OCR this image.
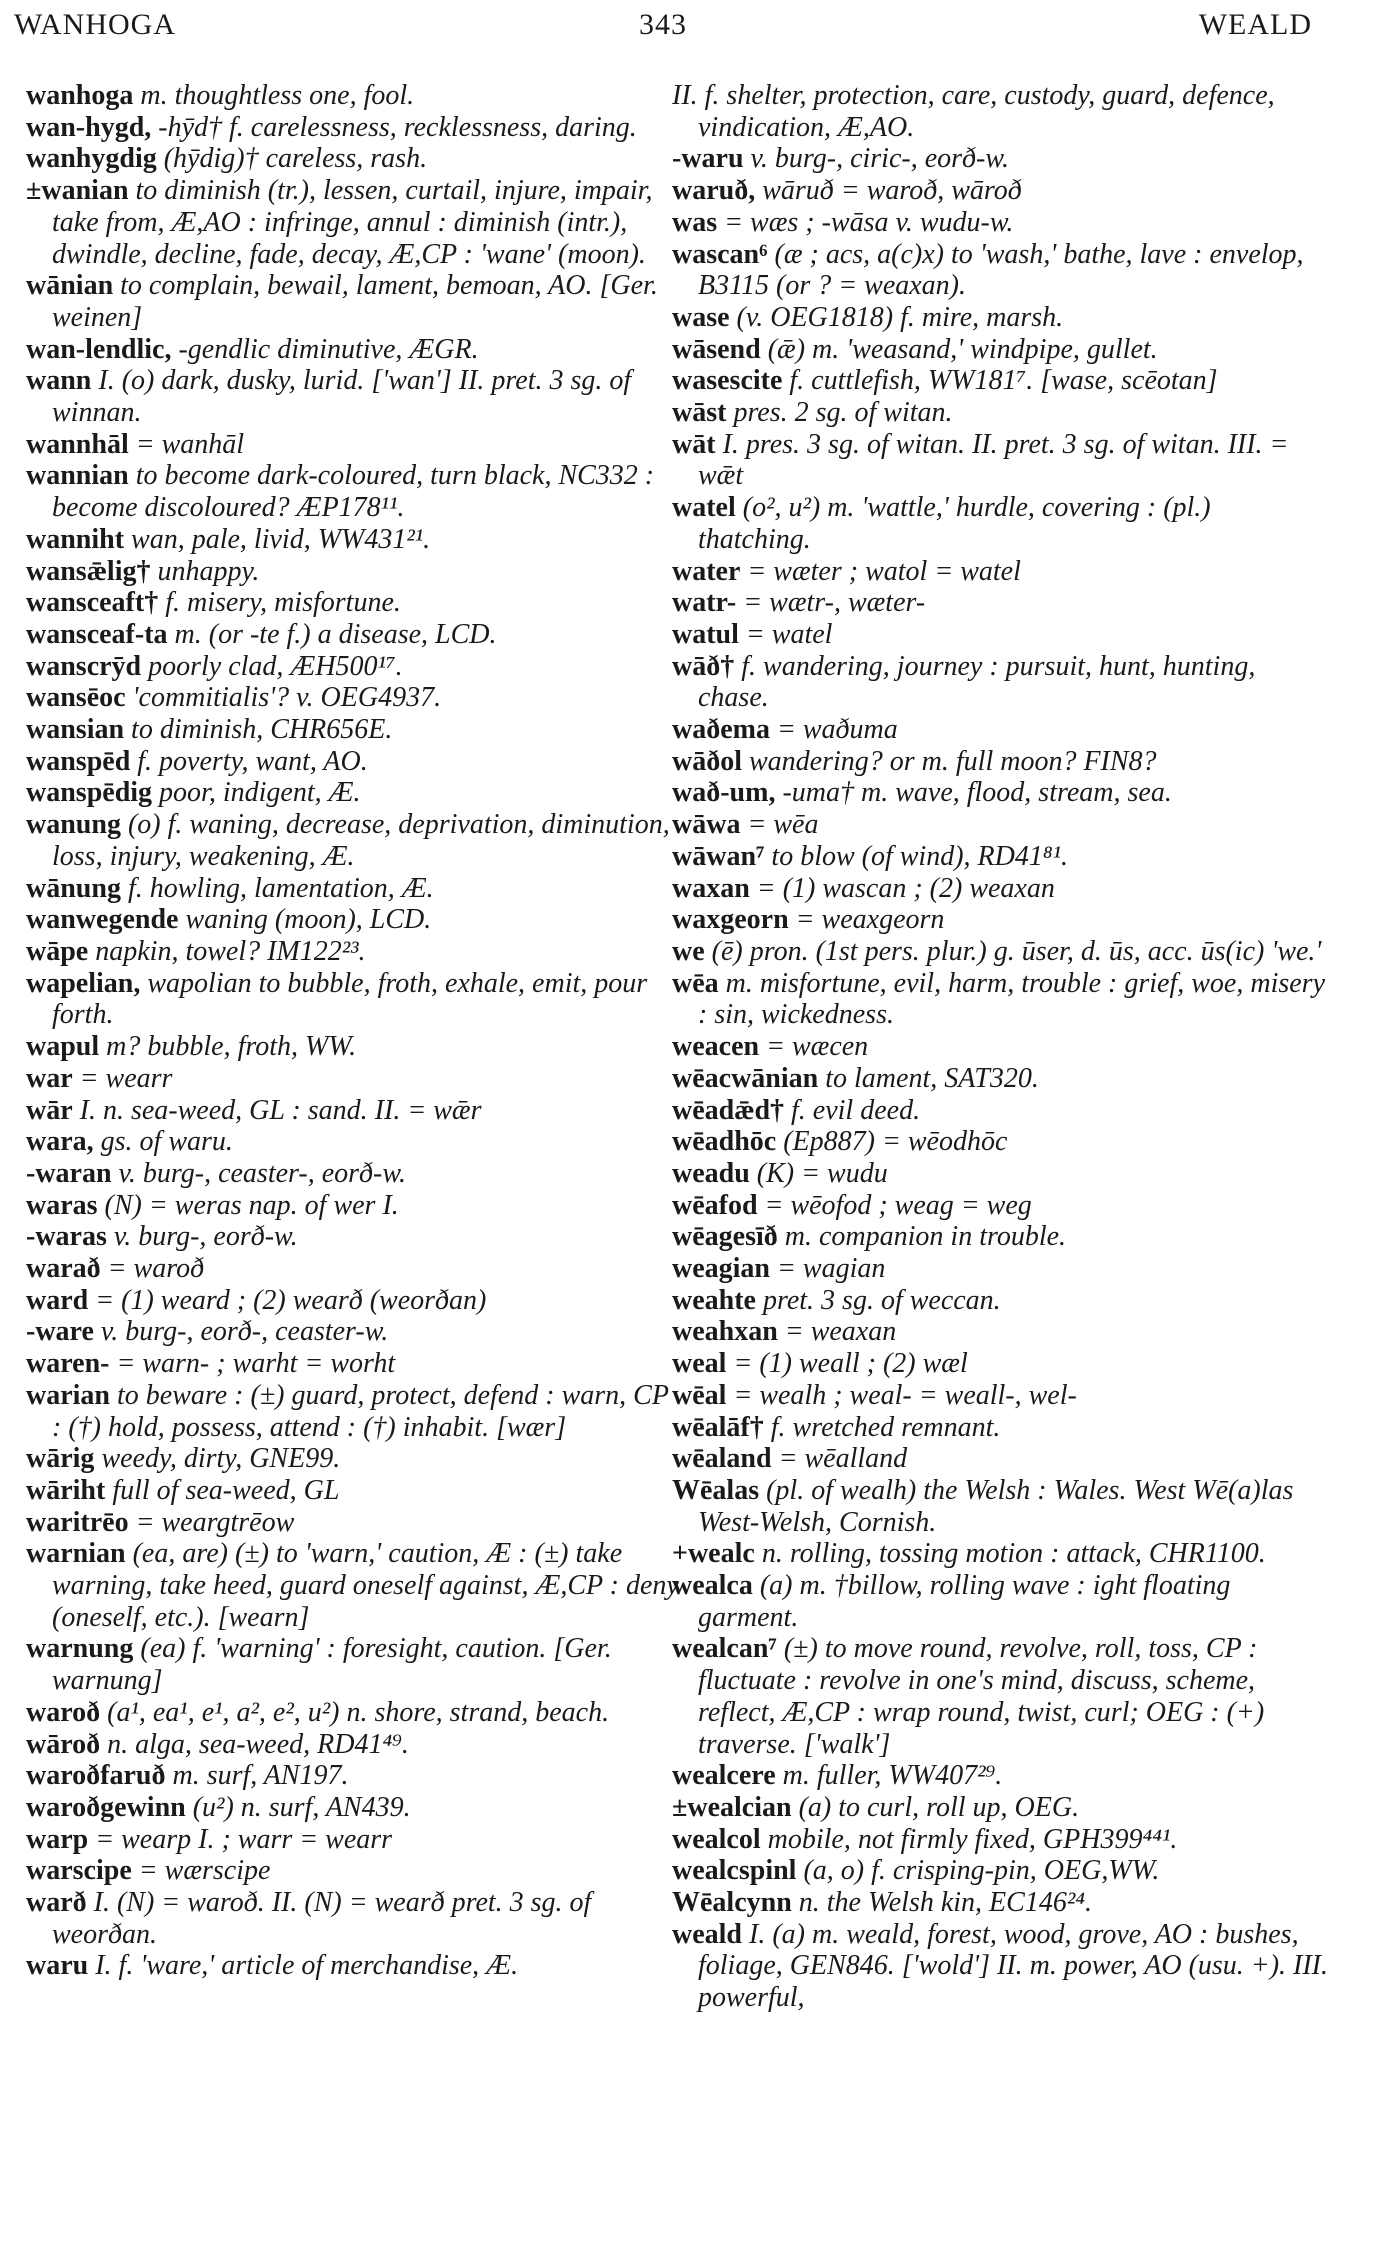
WANHOGA	343	WEALD
wanhoga m. thoughtless one, fool.
wan-hygd, -hȳd† f. carelessness, recklessness, daring.
wanhygdig (hȳdig)† careless, rash.
±wanian to diminish (tr.), lessen, curtail, injure, impair, take from, Æ,AO : infringe, annul : diminish (intr.), dwindle, decline, fade, decay, Æ,CP : 'wane' (moon).
wānian to complain, bewail, lament, bemoan, AO. [Ger. weinen]
wan-lendlic, -gendlic diminutive, ÆGR.
wann I. (o) dark, dusky, lurid. ['wan'] II. pret. 3 sg. of winnan.
wannhāl = wanhāl
wannian to become dark-coloured, turn black, NC332 : become discoloured? ÆP178¹¹.
wanniht wan, pale, livid, WW431²¹.
wansǣlig† unhappy.
wansceaft† f. misery, misfortune.
wansceaf-ta m. (or -te f.) a disease, LCD.
wanscrȳd poorly clad, ÆH500¹⁷.
wansēoc 'commitialis'? v. OEG4937.
wansian to diminish, CHR656E.
wanspēd f. poverty, want, AO.
wanspēdig poor, indigent, Æ.
wanung (o) f. waning, decrease, deprivation, diminution, loss, injury, weakening, Æ.
wānung f. howling, lamentation, Æ.
wanwegende waning (moon), LCD.
wāpe napkin, towel? IM122²³.
wapelian, wapolian to bubble, froth, exhale, emit, pour forth.
wapul m? bubble, froth, WW.
war = wearr
wār I. n. sea-weed, GL : sand. II. = wǣr
wara, gs. of waru.
-waran v. burg-, ceaster-, eorð-w.
waras (N) = weras nap. of wer I.
-waras v. burg-, eorð-w.
warað = waroð
ward = (1) weard ; (2) wearð (weorðan)
-ware v. burg-, eorð-, ceaster-w.
waren- = warn- ; warht = worht
warian to beware : (±) guard, protect, defend : warn, CP : (†) hold, possess, attend : (†) inhabit. [wær]
wārig weedy, dirty, GNE99.
wāriht full of sea-weed, GL
waritrēo = weargtrēow
warnian (ea, are) (±) to 'warn,' caution, Æ : (±) take warning, take heed, guard oneself against, Æ,CP : deny (oneself, etc.). [wearn]
warnung (ea) f. 'warning' : foresight, caution. [Ger. warnung]
waroð (a¹, ea¹, e¹, a², e², u²) n. shore, strand, beach.
wāroð n. alga, sea-weed, RD41⁴⁹.
waroðfaruð m. surf, AN197.
waroðgewinn (u²) n. surf, AN439.
warp = wearp I. ; warr = wearr
warscipe = wærscipe
warð I. (N) = waroð. II. (N) = wearð pret. 3 sg. of weorðan.
waru I. f. 'ware,' article of merchandise, Æ.
II. f. shelter, protection, care, custody, guard, defence, vindication, Æ,AO.
-waru v. burg-, ciric-, eorð-w.
waruð, wāruð = waroð, wāroð
was = wæs ; -wāsa v. wudu-w.
wascan⁶ (æ ; acs, a(c)x) to 'wash,' bathe, lave : envelop, B3115 (or ? = weaxan).
wase (v. OEG1818) f. mire, marsh.
wāsend (ǣ) m. 'weasand,' windpipe, gullet.
wasescite f. cuttlefish, WW181⁷. [wase, scēotan]
wāst pres. 2 sg. of witan.
wāt I. pres. 3 sg. of witan. II. pret. 3 sg. of witan. III. = wǣt
watel (o², u²) m. 'wattle,' hurdle, covering : (pl.) thatching.
water = wæter ; watol = watel
watr- = wætr-, wæter-
watul = watel
wāð† f. wandering, journey : pursuit, hunt, hunting, chase.
waðema = waðuma
wāðol wandering? or m. full moon? FIN8?
wað-um, -uma† m. wave, flood, stream, sea.
wāwa = wēa
wāwan⁷ to blow (of wind), RD41⁸¹.
waxan = (1) wascan ; (2) weaxan
waxgeorn = weaxgeorn
we (ē) pron. (1st pers. plur.) g. ūser, d. ūs, acc. ūs(ic) 'we.'
wēa m. misfortune, evil, harm, trouble : grief, woe, misery : sin, wickedness.
weacen = wæcen
wēacwānian to lament, SAT320.
wēadǣd† f. evil deed.
wēadhōc (Ep887) = wēodhōc
weadu (K) = wudu
wēafod = wēofod ; weag = weg
wēagesīð m. companion in trouble.
weagian = wagian
weahte pret. 3 sg. of weccan.
weahxan = weaxan
weal = (1) weall ; (2) wæl
wēal = wealh ; weal- = weall-, wel-
wēalāf† f. wretched remnant.
wēaland = wēalland
Wēalas (pl. of wealh) the Welsh : Wales. West Wē(a)las West-Welsh, Cornish.
+wealc n. rolling, tossing motion : attack, CHR1100.
wealca (a) m. †billow, rolling wave : ight floating garment.
wealcan⁷ (±) to move round, revolve, roll, toss, CP : fluctuate : revolve in one's mind, discuss, scheme, reflect, Æ,CP : wrap round, twist, curl; OEG : (+) traverse. ['walk']
wealcere m. fuller, WW407²⁹.
±wealcian (a) to curl, roll up, OEG.
wealcol mobile, not firmly fixed, GPH399⁴⁴¹.
wealcspinl (a, o) f. crisping-pin, OEG,WW.
Wēalcynn n. the Welsh kin, EC146²⁴.
weald I. (a) m. weald, forest, wood, grove, AO : bushes, foliage, GEN846. ['wold'] II. m. power, AO (usu. +). III. powerful,
